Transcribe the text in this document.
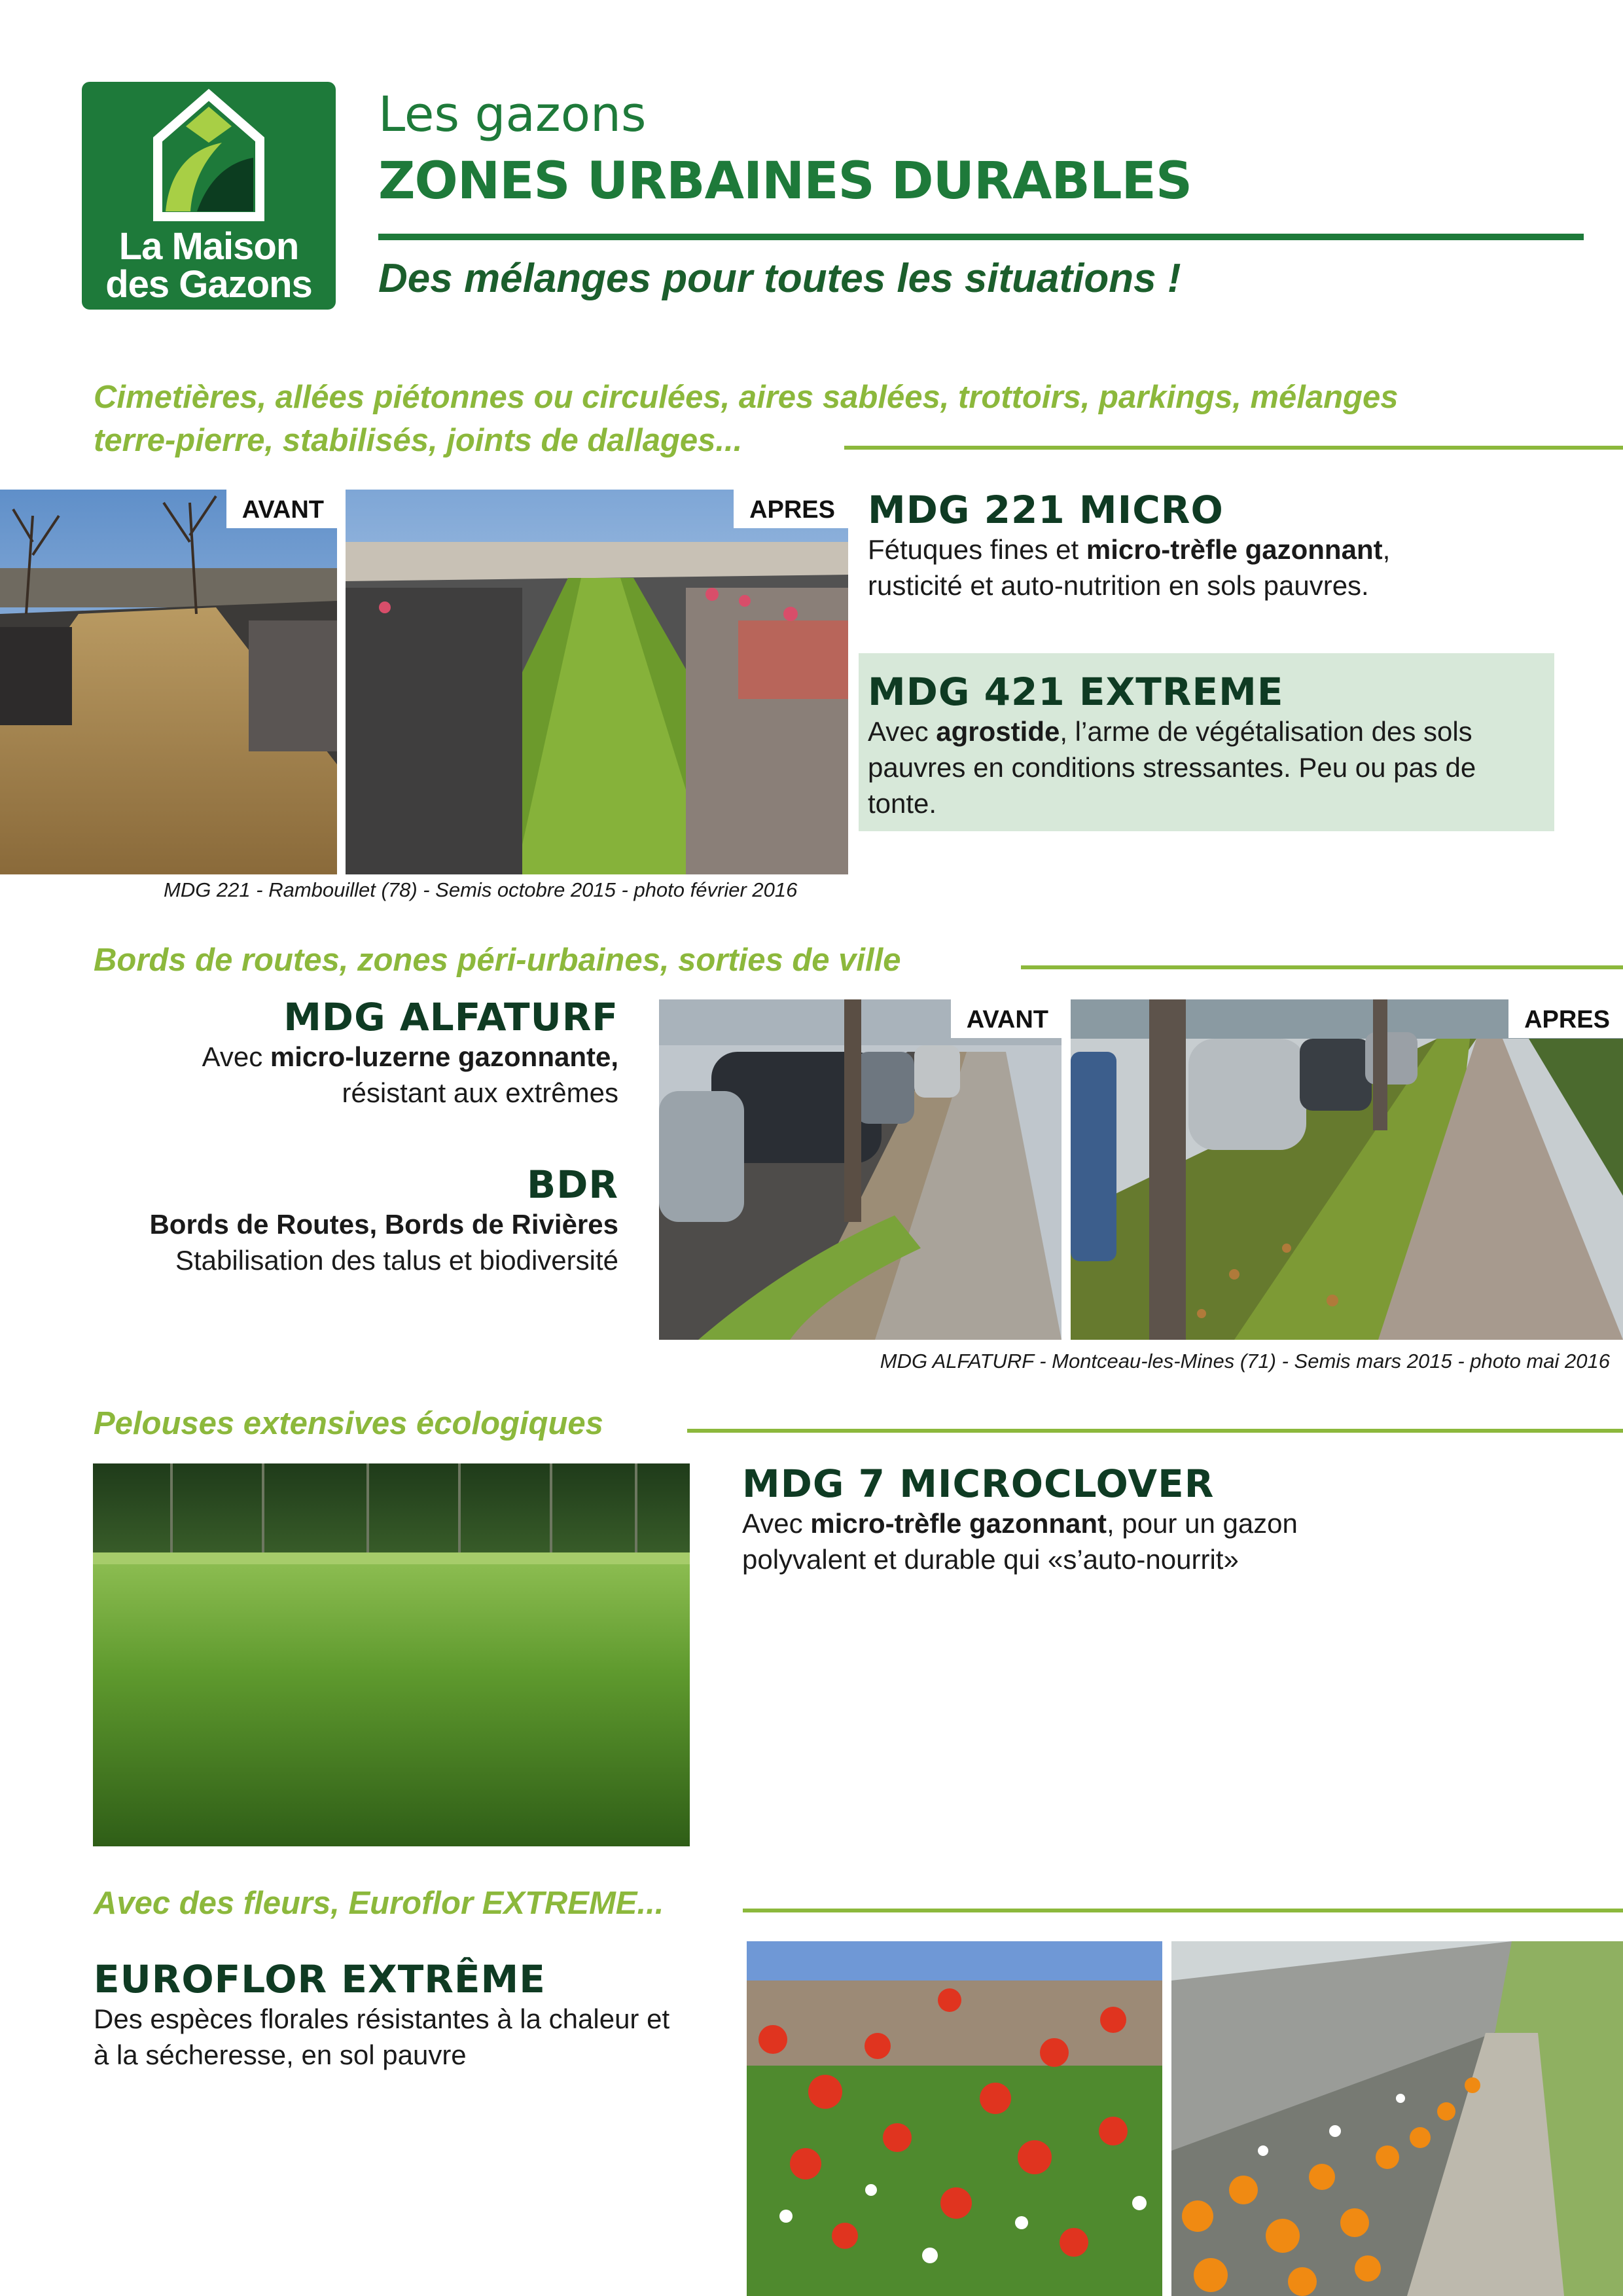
La Maison
des Gazons
Les gazons
ZONES URBAINES DURABLES
Des mélanges pour toutes les situations !
Cimetières, allées piétonnes ou circulées, aires sablées, trottoirs, parkings, mélanges
terre-pierre, stabilisés, joints de dallages...
AVANT	APRES
MDG 221 - Rambouillet (78) - Semis octobre 2015 - photo février 2016
MDG 221 MICRO
Fétuques fines et micro-trèfle gazonnant,
rusticité et auto-nutrition en sols pauvres.
MDG 421 EXTREME
Avec agrostide, l’arme de végétalisation des sols
pauvres en conditions stressantes. Peu ou pas de
tonte.
Bords de routes, zones péri-urbaines, sorties de ville
MDG ALFATURF
Avec micro-luzerne gazonnante,
résistant aux extrêmes
BDR
Bords de Routes, Bords de Rivières
Stabilisation des talus et biodiversité
AVANT	APRES
MDG ALFATURF - Montceau-les-Mines (71) - Semis mars 2015 - photo mai 2016
Pelouses extensives écologiques
MDG 7 MICROCLOVER
Avec micro-trèfle gazonnant, pour un gazon
polyvalent et durable qui «s’auto-nourrit»
Avec des fleurs, Euroflor EXTREME...
EUROFLOR EXTRÊME
Des espèces florales résistantes à la chaleur et
à la sécheresse, en sol pauvre
